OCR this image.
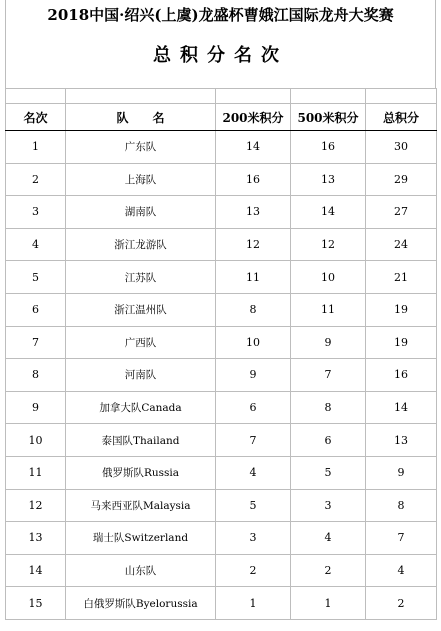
2018中国·绍兴(上虞)龙盛杯曹娥江国际龙舟大奖赛
总积分名次

名次	队　　名	200米积分	500米积分	总积分
1	广东队	14	16	30
2	上海队	16	13	29
3	湖南队	13	14	27
4	浙江龙游队	12	12	24
5	江苏队	11	10	21
6	浙江温州队	8	11	19
7	广西队	10	9	19
8	河南队	9	7	16
9	加拿大队Canada	6	8	14
10	泰国队Thailand	7	6	13
11	俄罗斯队Russia	4	5	9
12	马来西亚队Malaysia	5	3	8
13	瑞士队Switzerland	3	4	7
14	山东队	2	2	4
15	白俄罗斯队Byelorussia	1	1	2
